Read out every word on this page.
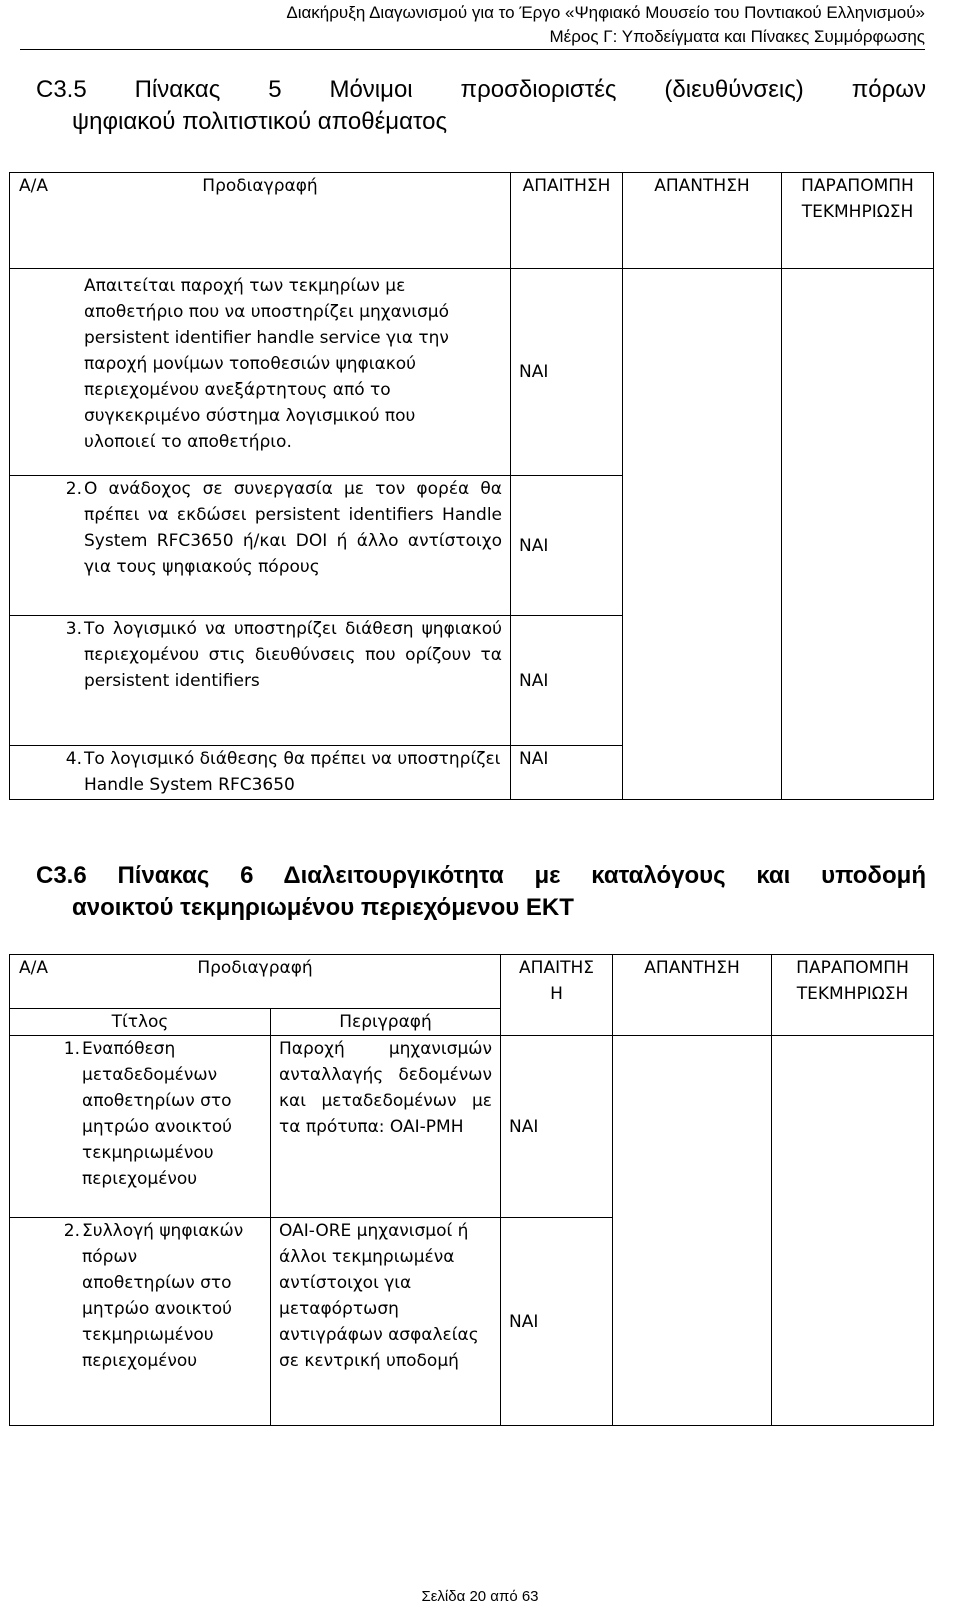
Διακήρυξη Διαγωνισμού για το Έργο «Ψηφιακό Μουσείο του Ποντιακού Ελληνισμού»
Μέρος Γ: Υποδείγματα και Πίνακες Συμμόρφωσης
C3.5 Πίνακας 5 Μόνιμοι προσδιοριστές (διευθύνσεις) πόρων
ψηφιακού πολιτιστικού αποθέματος
Α/Α Προδιαγραφή	ΑΠΑΙΤΗΣΗ	ΑΠΑΝΤΗΣΗ	ΠΑΡΑΠΟΜΠΗ ΤΕΚΜΗΡΙΩΣΗ

Απαιτείται παροχή των τεκμηρίων με αποθετήριο που να υποστηρίζει μηχανισμό persistent identifier handle service για την παροχή μονίμων τοποθεσιών ψηφιακού περιεχομένου ανεξάρτητους από το συγκεκριμένο σύστημα λογισμικού που υλοποιεί το αποθετήριο.	ΝΑΙ		

2. Ο ανάδοχος σε συνεργασία με τον φορέα θα πρέπει να εκδώσει persistent identifiers Handle System RFC3650 ή/και DOI ή άλλο αντίστοιχο για τους ψηφιακούς πόρους	ΝΑΙ		

3. Το λογισμικό να υποστηρίζει διάθεση ψηφιακού περιεχομένου στις διευθύνσεις που ορίζουν τα persistent identifiers	ΝΑΙ		

4. Το λογισμικό διάθεσης θα πρέπει να υποστηρίζει Handle System RFC3650	ΝΑΙ		
C3.6 Πίνακας 6 Διαλειτουργικότητα με καταλόγους και υποδομή
ανοικτού τεκμηριωμένου περιεχόμενου ΕΚΤ
Α/Α Προδιαγραφή		ΑΠΑΙΤΗΣΗ	ΑΠΑΝΤΗΣΗ	ΠΑΡΑΠΟΜΠΗ ΤΕΚΜΗΡΙΩΣΗ
Τίτλος	Περιγραφή			

1. Εναπόθεση μεταδεδομένων αποθετηρίων στο μητρώο ανοικτού τεκμηριωμένου περιεχομένου	Παροχή μηχανισμών ανταλλαγής δεδομένων και μεταδεδομένων με τα πρότυπα: OAI-PMH	ΝΑΙ		

2. Συλλογή ψηφιακών πόρων αποθετηρίων στο μητρώο ανοικτού τεκμηριωμένου περιεχομένου	OAI-ORE μηχανισμοί ή άλλοι τεκμηριωμένα αντίστοιχοι για μεταφόρτωση αντιγράφων ασφαλείας σε κεντρική υποδομή	ΝΑΙ		
Σελίδα 20 από 63
